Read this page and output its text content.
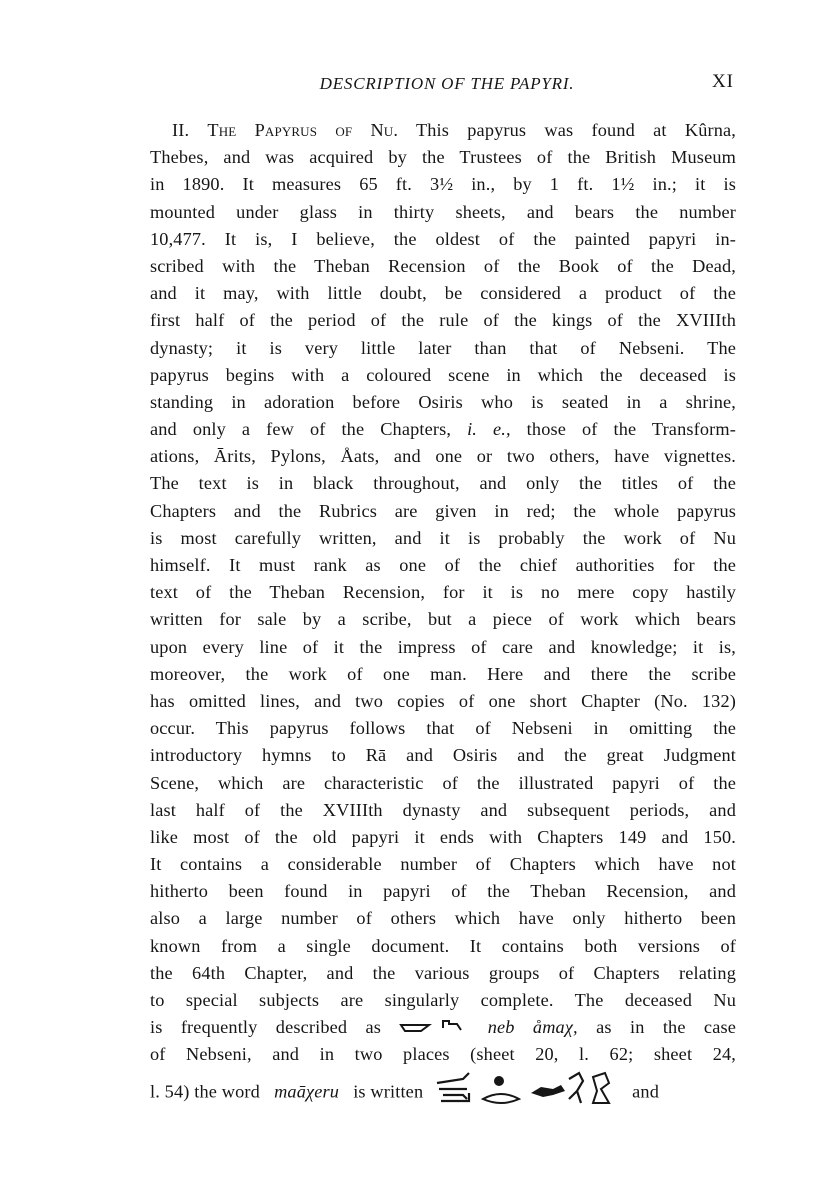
DESCRIPTION OF THE PAPYRI.	XI
II. The Papyrus of Nu. This papyrus was found at Kûrna,
Thebes, and was acquired by the Trustees of the British Museum
in 1890. It measures 65 ft. 3½ in., by 1 ft. 1½ in.; it is
mounted under glass in thirty sheets, and bears the number
10,477. It is, I believe, the oldest of the painted papyri in-
scribed with the Theban Recension of the Book of the Dead,
and it may, with little doubt, be considered a product of the
first half of the period of the rule of the kings of the XVIIIth
dynasty; it is very little later than that of Nebseni. The
papyrus begins with a coloured scene in which the deceased is
standing in adoration before Osiris who is seated in a shrine,
and only a few of the Chapters, i. e., those of the Transform-
ations, Ārits, Pylons, Åats, and one or two others, have vignettes.
The text is in black throughout, and only the titles of the
Chapters and the Rubrics are given in red; the whole papyrus
is most carefully written, and it is probably the work of Nu
himself. It must rank as one of the chief authorities for the
text of the Theban Recension, for it is no mere copy hastily
written for sale by a scribe, but a piece of work which bears
upon every line of it the impress of care and knowledge; it is,
moreover, the work of one man. Here and there the scribe
has omitted lines, and two copies of one short Chapter (No. 132)
occur. This papyrus follows that of Nebseni in omitting the
introductory hymns to Rā and Osiris and the great Judgment
Scene, which are characteristic of the illustrated papyri of the
last half of the XVIIIth dynasty and subsequent periods, and
like most of the old papyri it ends with Chapters 149 and 150.
It contains a considerable number of Chapters which have not
hitherto been found in papyri of the Theban Recension, and
also a large number of others which have only hitherto been
known from a single document. It contains both versions of
the 64th Chapter, and the various groups of Chapters relating
to special subjects are singularly complete. The deceased Nu
is frequently described as	neb åmaχ, as in the case
of Nebseni, and in two places (sheet 20, l. 62; sheet 24,
l. 54) the word maāχeru is written	and
